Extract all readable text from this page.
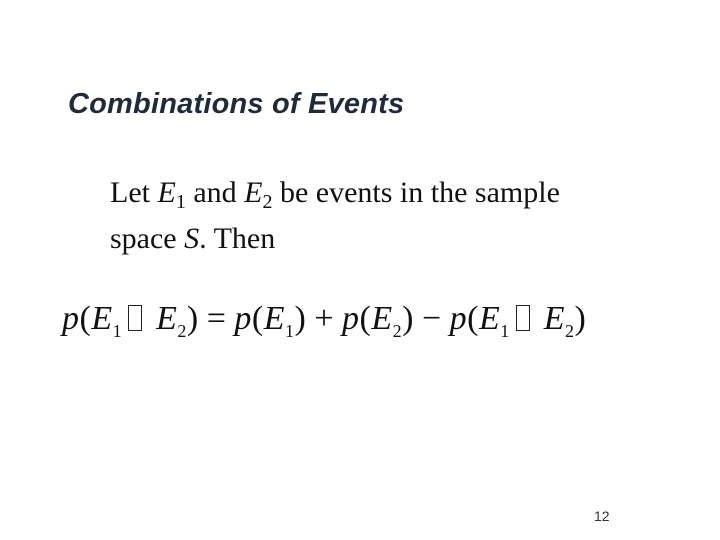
Combinations of Events
Let $E_1$ and $E_2$ be events in the sample
space S. Then
$p(E_1$ $E_2) = p(E_1) + p(E_2) - p(E_1$ $E_2$)
12
